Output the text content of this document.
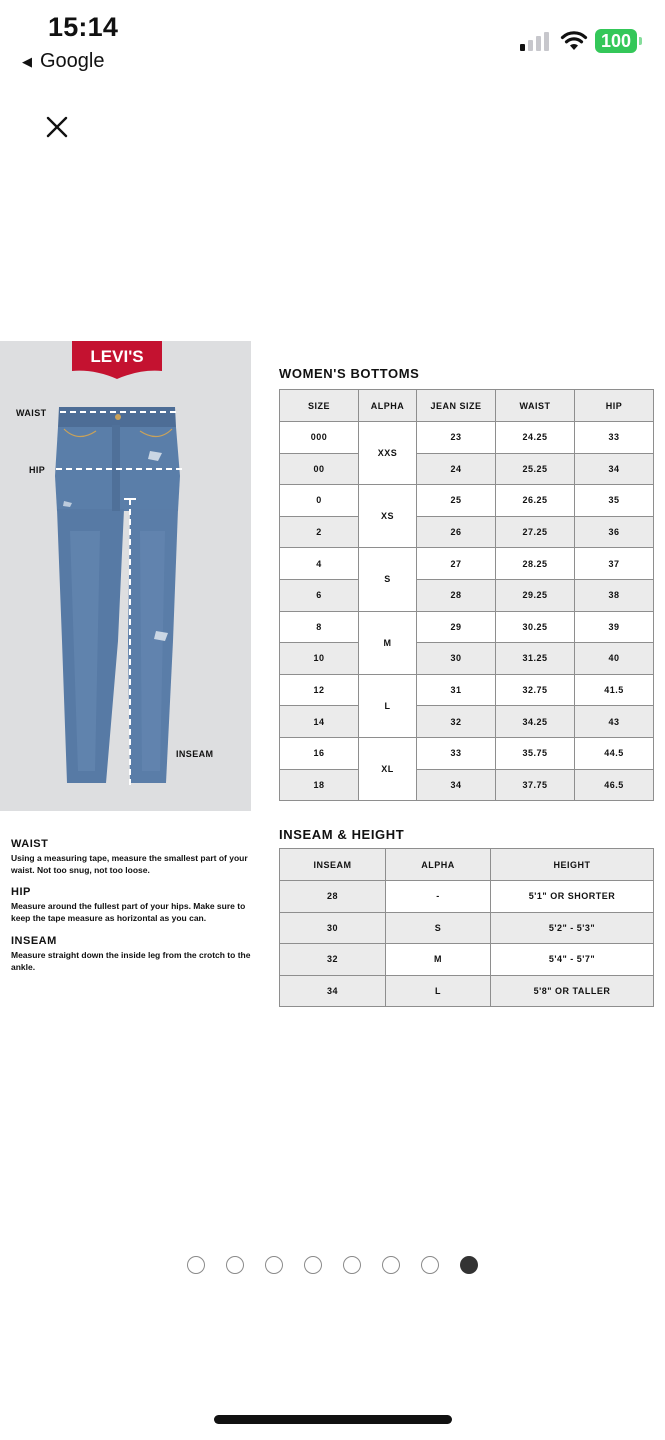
15:14
◀ Google
100
LEVI'S
WAIST
HIP
INSEAM
WOMEN'S BOTTOMS
SIZE	ALPHA	JEAN SIZE	WAIST	HIP
000	XXS	23	24.25	33
00		24	25.25	34
0	XS	25	26.25	35
2		26	27.25	36
4	S	27	28.25	37
6		28	29.25	38
8	M	29	30.25	39
10		30	31.25	40
12	L	31	32.75	41.5
14		32	34.25	43
16	XL	33	35.75	44.5
18		34	37.75	46.5
INSEAM & HEIGHT
INSEAM	ALPHA	HEIGHT
28	-	5'1" OR SHORTER
30	S	5'2" - 5'3"
32	M	5'4" - 5'7"
34	L	5'8" OR TALLER
WAIST

Using a measuring tape, measure the smallest part of your waist. Not too snug, not too loose.

HIP

Measure around the fullest part of your hips. Make sure to keep the tape measure as horizontal as you can.

INSEAM

Measure straight down the inside leg from the crotch to the ankle.
